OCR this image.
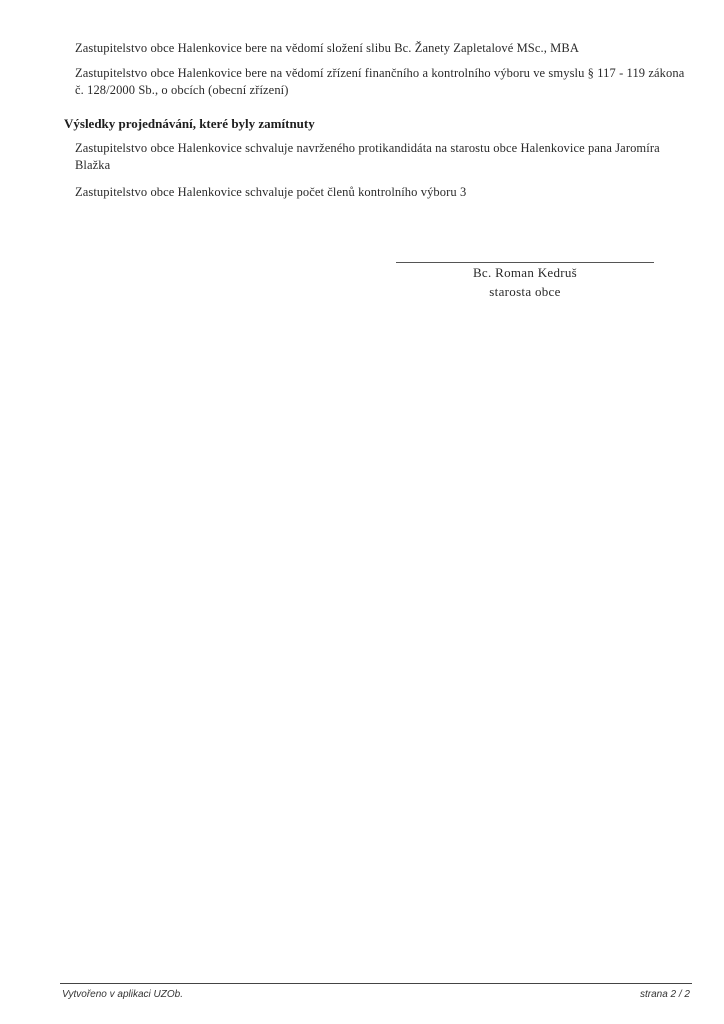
Zastupitelstvo obce Halenkovice bere na vědomí složení slibu Bc. Žanety Zapletalové MSc., MBA
Zastupitelstvo obce Halenkovice bere na vědomí zřízení finančního a kontrolního výboru ve smyslu § 117 - 119 zákona č. 128/2000 Sb., o obcích (obecní zřízení)
Výsledky projednávání, které byly zamítnuty
Zastupitelstvo obce Halenkovice schvaluje navrženého protikandidáta na starostu obce Halenkovice pana Jaromíra Blažka
Zastupitelstvo obce Halenkovice schvaluje počet členů kontrolního výboru 3
Bc. Roman Kedruš
starosta obce
Vytvořeno v aplikaci UZOb.	strana 2 / 2
